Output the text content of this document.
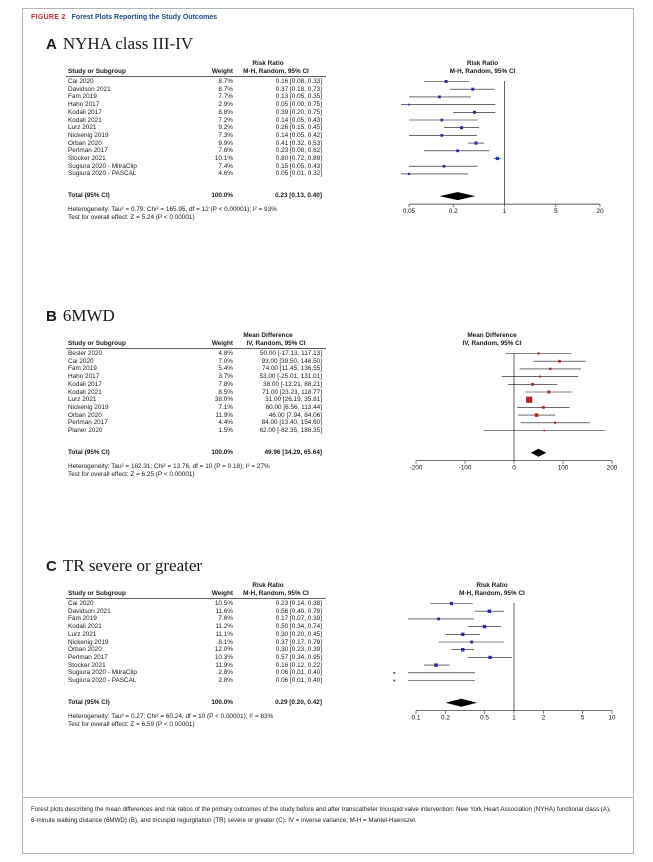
FIGURE 2 Forest Plots Reporting the Study Outcomes
A NYHA class III-IV
Risk Ratio
Study or Subgroup	Weight M-H, Random, 95% CI
Risk Ratio
M-H, Random, 95% CI
Cai 2020	8.7%	0.16 [0.08, 0.33]
Davidson 2021	8.7%	0.37 [0.18, 0.73]
Fam 2019	7.7%	0.13 [0.05, 0.35]
Hahn 2017	2.9%	0.05 [0.00, 0.75]
Kodali 2017	8.8%	0.39 [0.20, 0.75]
Kodali 2021	7.2%	0.14 [0.05, 0.43]
Lurz 2021	9.2%	0.26 [0.15, 0.45]
Nickenig 2019	7.3%	0.14 [0.05, 0.42]
Orban 2020	9.9%	0.41 [0.32, 0.53]
Perlman 2017	7.6%	0.23 [0.08, 0.62]
Stocker 2021	10.1%	0.80 [0.72, 0.89]
Sugiura 2020 - MitraClip	7.4%	0.15 [0.05, 0.43]
Sugiura 2020 - PASCAL	4.6%	0.05 [0.01, 0.32]
Total (95% CI)	100.0%	0.23 [0.13, 0.40]
Heterogeneity: Tau² = 0.79; Chi² = 165.95, df = 12 (P < 0.00001); I² = 93%
Test for overall effect: Z = 5.24 (P < 0.00001)
0.05	0.2	1	5	20
B 6MWD
Mean Difference
Study or Subgroup	Weight IV, Random, 95% CI
Mean Difference
IV, Random, 95% CI
Besler 2020	4.8%	50.00 [-17.13, 117.13]
Cai 2020	7.0%	93.00 [39.50, 146.50]
Fam 2019	5.4%	74.00 [11.45, 136.55]
Hahn 2017	3.7%	53.00 [-25.01, 131.01]
Kodali 2017	7.8%	38.00 [-12.21, 88.21]
Kodali 2021	8.5%	71.00 [23.23, 118.77]
Lurz 2021	38.0%	31.00 [26.19, 35.81]
Nickenig 2019	7.1%	60.00 [6.56, 113.44]
Orban 2020	11.9%	46.00 [7.94, 84.06]
Perlman 2017	4.4%	84.00 [13.40, 154.60]
Planer 2020	1.5%	62.00 [-62.35, 186.35]
Total (95% CI)	100.0%	49.96 [34.29, 65.64]
Heterogeneity: Tau² = 162.31; Chi² = 13.76, df = 10 (P = 0.18); I² = 27%
Test for overall effect: Z = 6.25 (P < 0.00001)
-200	-100	0	100	200
C TR severe or greater
Risk Ratio
Study or Subgroup	Weight M-H, Random, 95% CI
Risk Ratio
M-H, Random, 95% CI
Cai 2020	10.5%	0.23 [0.14, 0.38]
Davidson 2021	11.6%	0.56 [0.40, 0.79]
Fam 2019	7.6%	0.17 [0.07, 0.39]
Kodali 2021	11.2%	0.50 [0.34, 0.74]
Lurz 2021	11.1%	0.30 [0.20, 0.45]
Nickenig 2019	8.1%	0.37 [0.17, 0.79]
Orban 2020	12.0%	0.30 [0.23, 0.39]
Perlman 2017	10.3%	0.57 [0.34, 0.95]
Stocker 2021	11.9%	0.16 [0.12, 0.22]
Sugiura 2020 - MitraClip	2.8%	0.06 [0.01, 0.40]
Sugiura 2020 - PASCAL	2.8%	0.06 [0.01, 0.40]
Total (95% CI)	100.0%	0.29 [0.20, 0.42]
Heterogeneity: Tau² = 0.27; Chi² = 60.24, df = 10 (P < 0.00001); I² = 83%
Test for overall effect: Z = 6.59 (P < 0.00001)
0.1	0.2	0.5	1	2	5	10
Forest plots describing the mean differences and risk ratios of the primary outcomes of the study before and after transcatheter tricuspid valve intervention: New York Heart Association (NYHA) functional class (A), 6-minute walking distance (6MWD) (B), and tricuspid regurgitation (TR) severe or greater (C). IV = inverse variance; M-H = Mantel-Haenszel.
